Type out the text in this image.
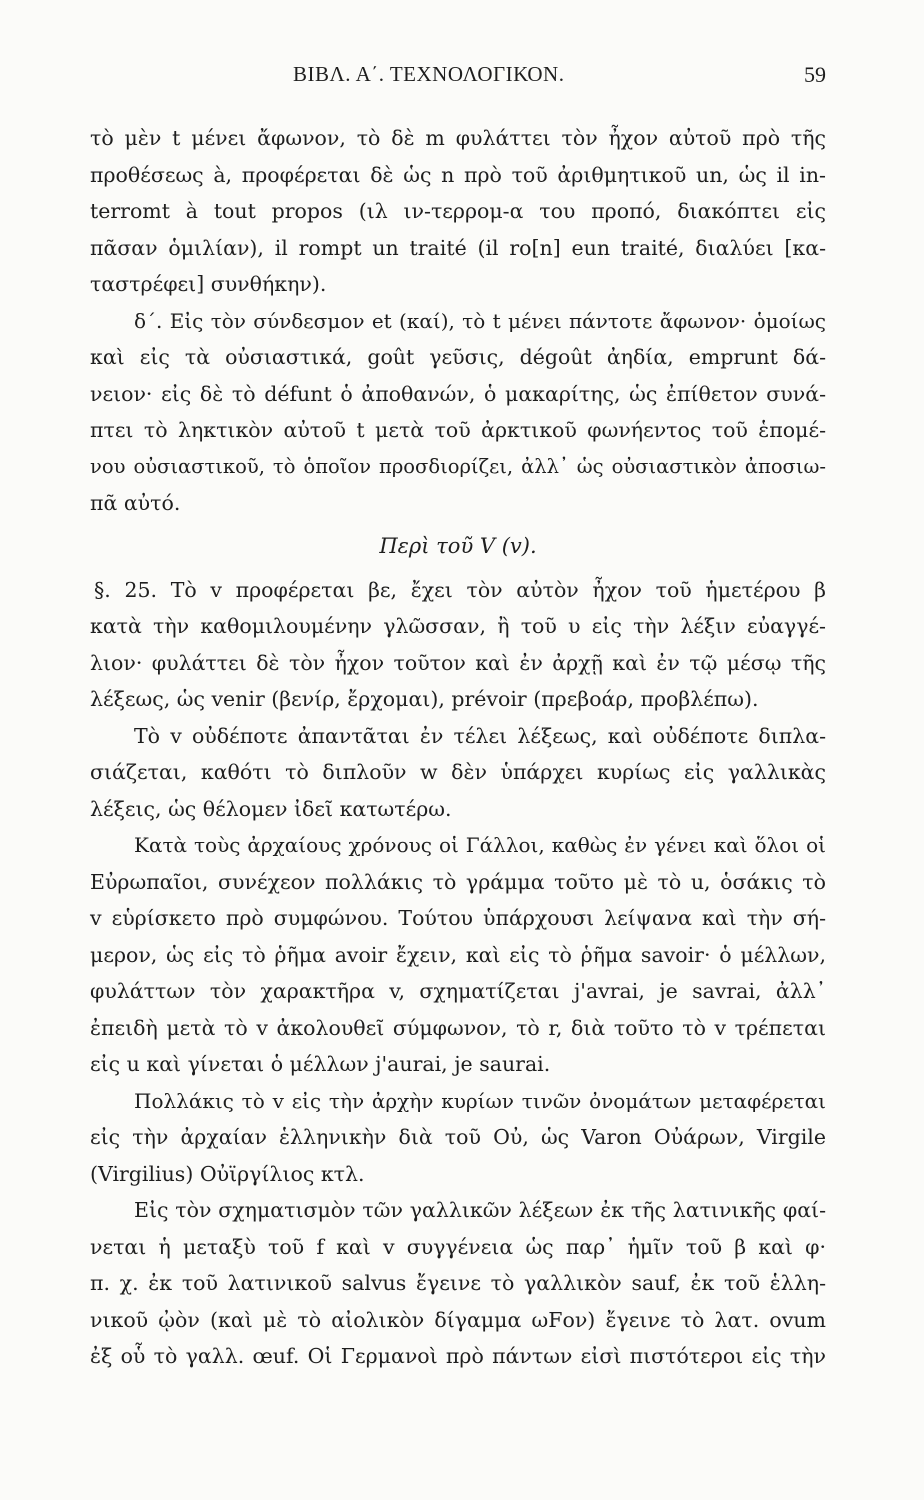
ΒΙΒΛ. Α΄. ΤΕΧΝΟΛΟΓΙΚΟΝ.	59
τὸ μὲν t μένει ἄφωνον, τὸ δὲ m φυλάττει τὸν ἦχον αὐτοῦ πρὸ τῆς
προθέσεως à, προφέρεται δὲ ὡς n πρὸ τοῦ ἀριθμητικοῦ un, ὡς il in-
terromt à tout propos (ιλ ιν-τερρομ-α του προπό, διακόπτει εἰς
πᾶσαν ὁμιλίαν), il rompt un traité (il ro[n] eun traité, διαλύει [κα-
ταστρέφει] συνθήκην).
δ΄. Εἰς τὸν σύνδεσμον et (καί), τὸ t μένει πάντοτε ἄφωνον· ὁμοίως
καὶ εἰς τὰ οὐσιαστικά, goût γεῦσις, dégoût ἀηδία, emprunt δά-
νειον· εἰς δὲ τὸ défunt ὁ ἀποθανών, ὁ μακαρίτης, ὡς ἐπίθετον συνά-
πτει τὸ ληκτικὸν αὐτοῦ t μετὰ τοῦ ἀρκτικοῦ φωνήεντος τοῦ ἑπομέ-
νου οὐσιαστικοῦ, τὸ ὁποῖον προσδιορίζει, ἀλλ᾽ ὡς οὐσιαστικὸν ἀποσιω-
πᾶ αὐτό.
Περὶ τοῦ V (v).
§. 25. Τὸ v προφέρεται βε, ἔχει τὸν αὐτὸν ἦχον τοῦ ἡμετέρου β
κατὰ τὴν καθομιλουμένην γλῶσσαν, ἢ τοῦ υ εἰς τὴν λέξιν εὐαγγέ-
λιον· φυλάττει δὲ τὸν ἦχον τοῦτον καὶ ἐν ἀρχῇ καὶ ἐν τῷ μέσῳ τῆς
λέξεως, ὡς venir (βενίρ, ἔρχομαι), prévoir (πρεβοάρ, προβλέπω).
Τὸ v οὐδέποτε ἀπαντᾶται ἐν τέλει λέξεως, καὶ οὐδέποτε διπλα-
σιάζεται, καθότι τὸ διπλοῦν w δὲν ὑπάρχει κυρίως εἰς γαλλικὰς
λέξεις, ὡς θέλομεν ἰδεῖ κατωτέρω.
Κατὰ τοὺς ἀρχαίους χρόνους οἱ Γάλλοι, καθὼς ἐν γένει καὶ ὅλοι οἱ
Εὐρωπαῖοι, συνέχεον πολλάκις τὸ γράμμα τοῦτο μὲ τὸ u, ὁσάκις τὸ
v εὑρίσκετο πρὸ συμφώνου. Τούτου ὑπάρχουσι λείψανα καὶ τὴν σή-
μερον, ὡς εἰς τὸ ῥῆμα avoir ἔχειν, καὶ εἰς τὸ ῥῆμα savoir· ὁ μέλλων,
φυλάττων τὸν χαρακτῆρα v, σχηματίζεται j'avrai, je savrai, ἀλλ᾽
ἐπειδὴ μετὰ τὸ v ἀκολουθεῖ σύμφωνον, τὸ r, διὰ τοῦτο τὸ v τρέπεται
εἰς u καὶ γίνεται ὁ μέλλων j'aurai, je saurai.
Πολλάκις τὸ v εἰς τὴν ἀρχὴν κυρίων τινῶν ὀνομάτων μεταφέρεται
εἰς τὴν ἀρχαίαν ἑλληνικὴν διὰ τοῦ Οὐ, ὡς Varon Οὐάρων, Virgile
(Virgilius) Οὐϊργίλιος κτλ.
Εἰς τὸν σχηματισμὸν τῶν γαλλικῶν λέξεων ἐκ τῆς λατινικῆς φαί-
νεται ἡ μεταξὺ τοῦ f καὶ v συγγένεια ὡς παρ᾽ ἡμῖν τοῦ β καὶ φ·
π. χ. ἐκ τοῦ λατινικοῦ salvus ἔγεινε τὸ γαλλικὸν sauf, ἐκ τοῦ ἑλλη-
νικοῦ ᾠὸν (καὶ μὲ τὸ αἰολικὸν δίγαμμα ωFον) ἔγεινε τὸ λατ. ovum
ἐξ οὗ τὸ γαλλ. œuf. Οἱ Γερμανοὶ πρὸ πάντων εἰσὶ πιστότεροι εἰς τὴν
